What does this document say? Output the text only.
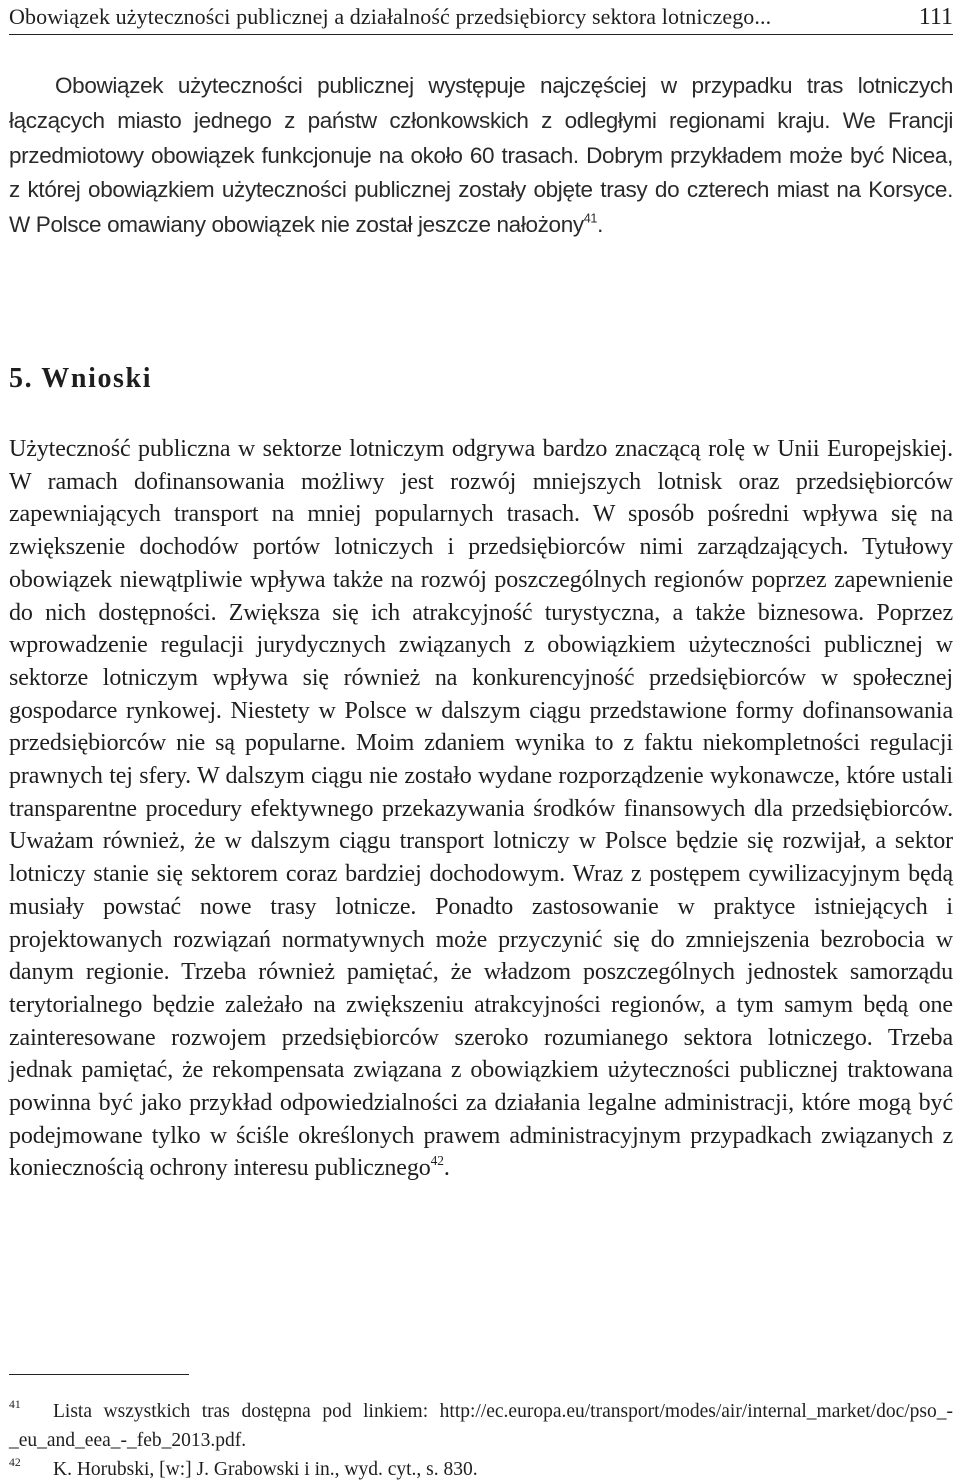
Obowiązek użyteczności publicznej a działalność przedsiębiorcy sektora lotniczego...	111

Obowiązek użyteczności publicznej występuje najczęściej w przypadku tras lotniczych łączących miasto jednego z państw członkowskich z odległymi regionami kraju. We Francji przedmiotowy obowiązek funkcjonuje na około 60 trasach. Dobrym przykładem może być Nicea, z której obowiązkiem użyteczności publicznej zostały objęte trasy do czterech miast na Korsyce. W Polsce omawiany obowiązek nie został jeszcze nałożony$^{41}$.

5. Wnioski

Użyteczność publiczna w sektorze lotniczym odgrywa bardzo znaczącą rolę w Unii Europejskiej. W ramach dofinansowania możliwy jest rozwój mniejszych lotnisk oraz przedsiębiorców zapewniających transport na mniej popularnych trasach. W sposób pośredni wpływa się na zwiększenie dochodów portów lotniczych i przedsiębiorców nimi zarządzających. Tytułowy obowiązek niewątpliwie wpływa także na rozwój poszczególnych regionów poprzez zapewnienie do nich dostępności. Zwiększa się ich atrakcyjność turystyczna, a także biznesowa. Poprzez wprowadzenie regulacji jurydycznych związanych z obowiązkiem użyteczności publicznej w sektorze lotniczym wpływa się również na konkurencyjność przedsiębiorców w społecznej gospodarce rynkowej. Niestety w Polsce w dalszym ciągu przedstawione formy dofinansowania przedsiębiorców nie są popularne. Moim zdaniem wynika to z faktu niekompletności regulacji prawnych tej sfery. W dalszym ciągu nie zostało wydane rozporządzenie wykonawcze, które ustali transparentne procedury efektywnego przekazywania środków finansowych dla przedsiębiorców. Uważam również, że w dalszym ciągu transport lotniczy w Polsce będzie się rozwijał, a sektor lotniczy stanie się sektorem coraz bardziej dochodowym. Wraz z postępem cywilizacyjnym będą musiały powstać nowe trasy lotnicze. Ponadto zastosowanie w praktyce istniejących i projektowanych rozwiązań normatywnych może przyczynić się do zmniejszenia bezrobocia w danym regionie. Trzeba również pamiętać, że władzom poszczególnych jednostek samorządu terytorialnego będzie zależało na zwiększeniu atrakcyjności regionów, a tym samym będą one zainteresowane rozwojem przedsiębiorców szeroko rozumianego sektora lotniczego. Trzeba jednak pamiętać, że rekompensata związana z obowiązkiem użyteczności publicznej traktowana powinna być jako przykład odpowiedzialności za działania legalne administracji, które mogą być podejmowane tylko w ściśle określonych prawem administracyjnym przypadkach związanych z koniecznością ochrony interesu publicznego$^{42}$.

41 Lista wszystkich tras dostępna pod linkiem: http://ec.europa.eu/transport/modes/air/internal_market/doc/pso_-_eu_and_eea_-_feb_2013.pdf.

42 K. Horubski, [w:] J. Grabowski i in., wyd. cyt., s. 830.
